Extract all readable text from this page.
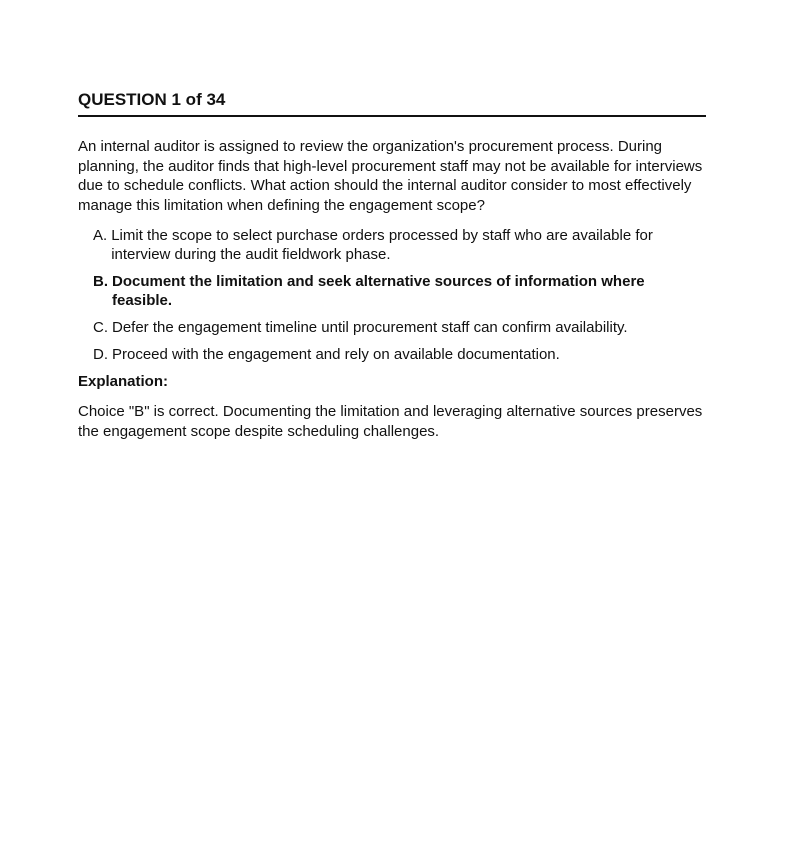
QUESTION 1 of 34
An internal auditor is assigned to review the organization's procurement process. During planning, the auditor finds that high-level procurement staff may not be available for interviews due to schedule conflicts. What action should the internal auditor consider to most effectively manage this limitation when defining the engagement scope?
A. Limit the scope to select purchase orders processed by staff who are available for interview during the audit fieldwork phase.
B. Document the limitation and seek alternative sources of information where feasible.
C. Defer the engagement timeline until procurement staff can confirm availability.
D. Proceed with the engagement and rely on available documentation.
Explanation:
Choice "B" is correct. Documenting the limitation and leveraging alternative sources preserves the engagement scope despite scheduling challenges.
